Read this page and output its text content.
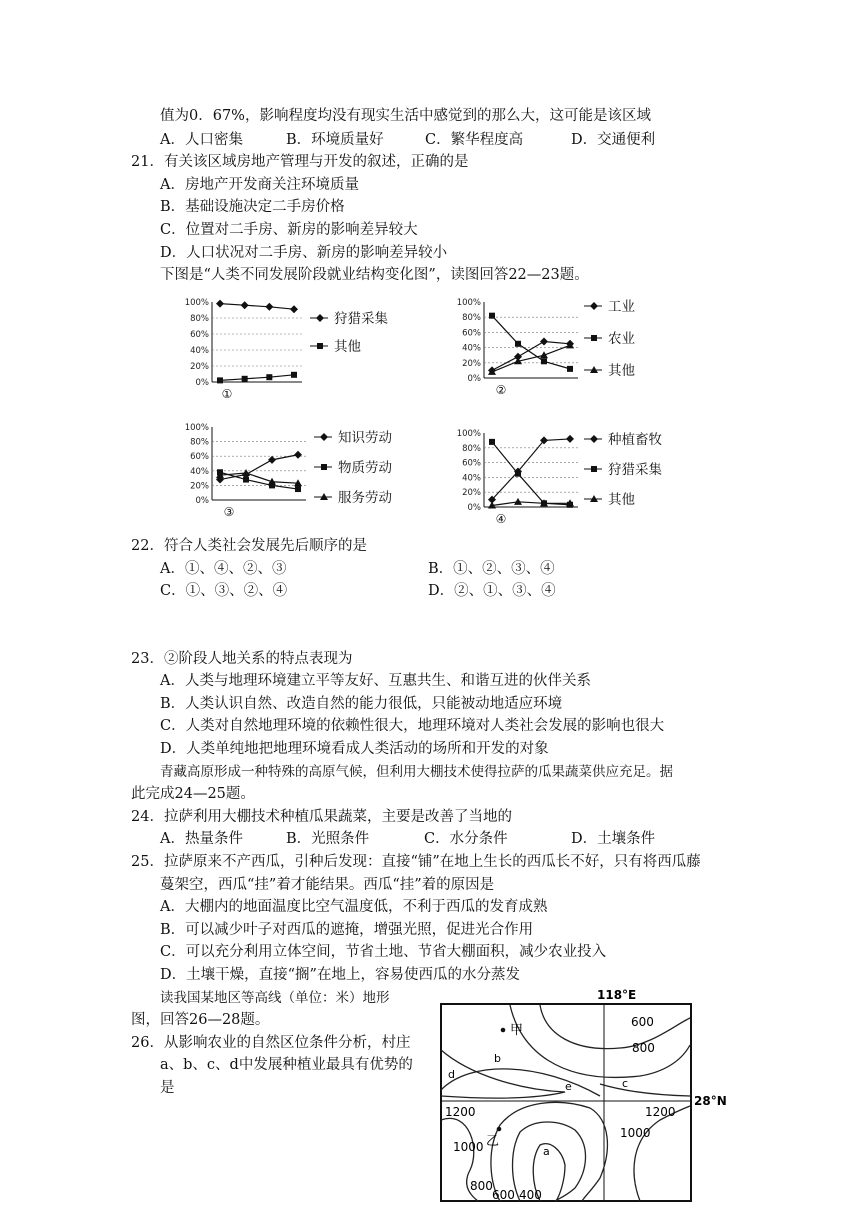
值为0．67%，影响程度均没有现实生活中感觉到的那么大，这可能是该区域
A．人口密集	B．环境质量好	C．繁华程度高	D．交通便利
21．有关该区域房地产管理与开发的叙述，正确的是
A．房地产开发商关注环境质量
B．基础设施决定二手房价格
C．位置对二手房、新房的影响差异较大
D．人口状况对二手房、新房的影响差异较小
下图是“人类不同发展阶段就业结构变化图”，读图回答22—23题。
100%
80%
60%
40%
20%
0%
狩猎采集
其他
①
100%
80%
60%
40%
20%
0%
工业
农业
其他
②
100%
80%
60%
40%
20%
0%
知识劳动
物质劳动
服务劳动
③
100%
80%
60%
40%
20%
0%
种植畜牧
狩猎采集
其他
④
22．符合人类社会发展先后顺序的是
A．①、④、②、③	B．①、②、③、④
C．①、③、②、④	D．②、①、③、④
23．②阶段人地关系的特点表现为
A．人类与地理环境建立平等友好、互惠共生、和谐互进的伙伴关系
B．人类认识自然、改造自然的能力很低，只能被动地适应环境
C．人类对自然地理环境的依赖性很大，地理环境对人类社会发展的影响也很大
D．人类单纯地把地理环境看成人类活动的场所和开发的对象
青藏高原形成一种特殊的高原气候，但利用大棚技术使得拉萨的瓜果蔬菜供应充足。据
此完成24—25题。
24．拉萨利用大棚技术种植瓜果蔬菜，主要是改善了当地的
A．热量条件	B．光照条件	C．水分条件	D．土壤条件
25．拉萨原来不产西瓜，引种后发现：直接“铺”在地上生长的西瓜长不好，只有将西瓜藤
蔓架空，西瓜“挂”着才能结果。西瓜“挂”着的原因是
A．大棚内的地面温度比空气温度低，不利于西瓜的发育成熟
B．可以减少叶子对西瓜的遮掩，增强光照，促进光合作用
C．可以充分利用立体空间，节省土地、节省大棚面积，减少农业投入
D．土壤干燥，直接“搁”在地上，容易使西瓜的水分蒸发
读我国某地区等高线（单位：米）地形
图，回答26—28题。
26．从影响农业的自然区位条件分析，村庄
a、b、c、d中发展种植业最具有优势的
是
118°E
28°N
600
800
1200	1200
1000
1000
800
600 400
甲
乙
a
b
c
d
e
